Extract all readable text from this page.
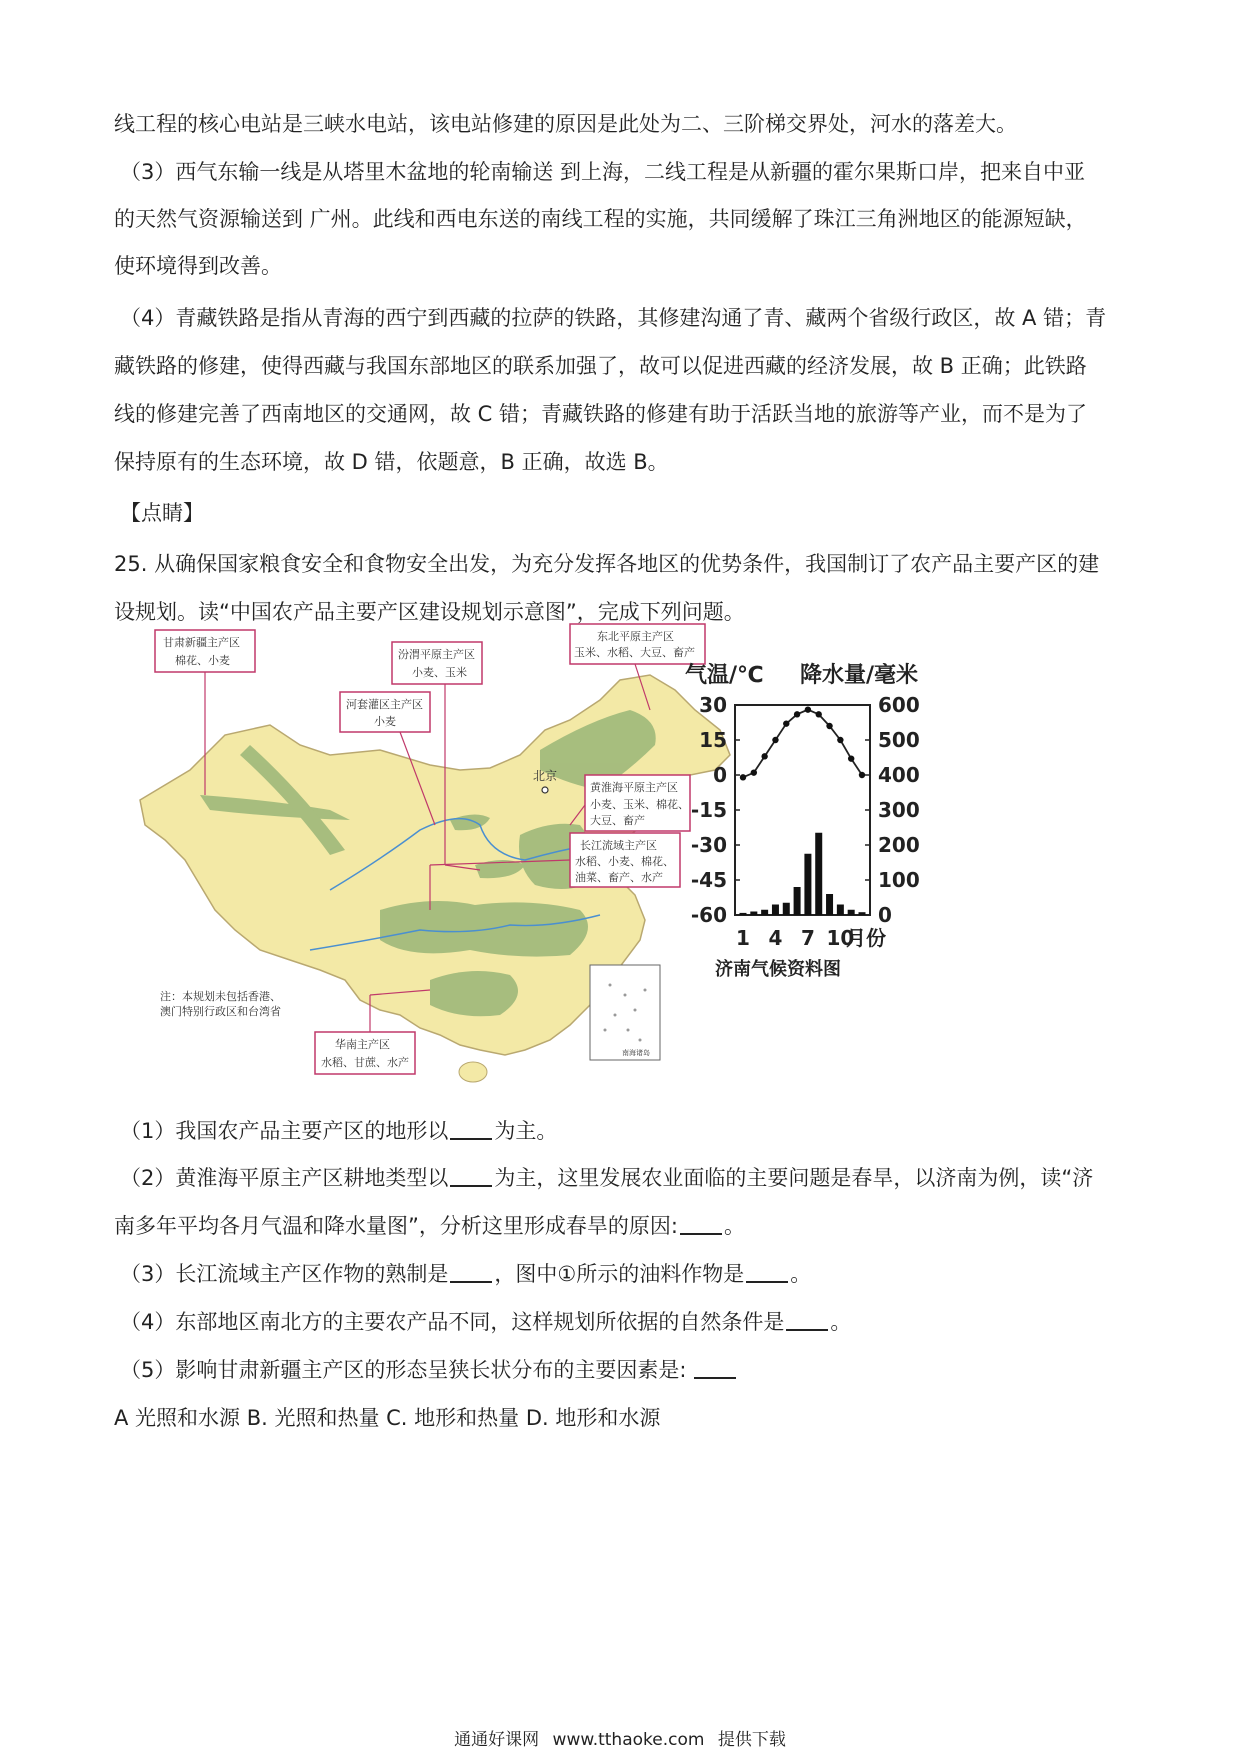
线工程的核心电站是三峡水电站，该电站修建的原因是此处为二、三阶梯交界处，河水的落差大。
（3）西气东输一线是从塔里木盆地的轮南输送 到上海，二线工程是从新疆的霍尔果斯口岸，把来自中亚
的天然气资源输送到 广州。此线和西电东送的南线工程的实施，共同缓解了珠江三角洲地区的能源短缺，
使环境得到改善。
（4）青藏铁路是指从青海的西宁到西藏的拉萨的铁路，其修建沟通了青、藏两个省级行政区，故 A 错；青
藏铁路的修建，使得西藏与我国东部地区的联系加强了，故可以促进西藏的经济发展，故 B 正确；此铁路
线的修建完善了西南地区的交通网，故 C 错；青藏铁路的修建有助于活跃当地的旅游等产业，而不是为了
保持原有的生态环境，故 D 错，依题意，B 正确，故选 B。
【点睛】
25. 从确保国家粮食安全和食物安全出发，为充分发挥各地区的优势条件，我国制订了农产品主要产区的建
设规划。读“中国农产品主要产区建设规划示意图”，完成下列问题。
北京
甘肃新疆主产区
棉花、小麦	汾渭平原主产区
小麦、玉米
河套灌区主产区
小麦
东北平原主产区
玉米、水稻、大豆、畜产
黄淮海平原主产区
小麦、玉米、棉花、
大豆、畜产
长江流域主产区
水稻、小麦、棉花、
油菜、畜产、水产
华南主产区
水稻、甘蔗、水产
注：本规划未包括香港、
澳门特别行政区和台湾省
南海诸岛
气温/℃ 降水量/毫米
30
15
0
-15
-30
-45
-60
600
500
400
300
200
100
0
1 4 7 10
月份
济南气候资料图
（1）我国农产品主要产区的地形以 为主。
（2）黄淮海平原主产区耕地类型以 为主，这里发展农业面临的主要问题是春旱，以济南为例，读“济
南多年平均各月气温和降水量图”，分析这里形成春旱的原因: 。
（3）长江流域主产区作物的熟制是 ，图中①所示的油料作物是 。
（4）东部地区南北方的主要农产品不同，这样规划所依据的自然条件是 。
（5）影响甘肃新疆主产区的形态呈狭长状分布的主要因素是:
A 光照和水源 B. 光照和热量 C. 地形和热量 D. 地形和水源
通通好课网 www.tthaoke.com 提供下载
